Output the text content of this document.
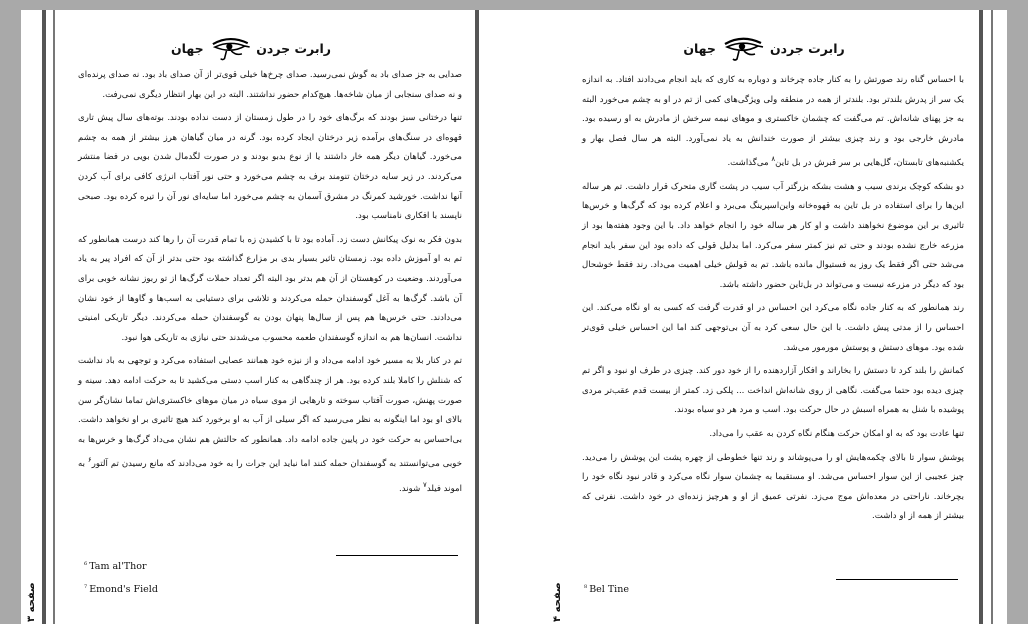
رابرت جردن
جهان

صدایی به جز صدای باد به گوش نمی‌رسید. صدای چرخ‌ها خیلی قوی‌تر از آن صدای باد بود. نه صدای پرنده‌ای و نه صدای سنجابی از میان شاخه‌ها. هیچ‌کدام حضور نداشتند. البته در این بهار انتظار دیگری نمی‌رفت.

تنها درختانی سبز بودند که برگ‌های خود را در طول زمستان از دست نداده بودند. بوته‌های سال پیش تاری قهوه‌ای در سنگ‌های برآمده زیر درختان ایجاد کرده بود. گرنه در میان گیاهان هرز بیشتر از همه به چشم می‌خورد. گیاهان دیگر همه خار داشتند یا از نوع بدبو بودند و در صورت لگدمال شدن بویی در فضا منتشر می‌کردند. در زیر سایه درختان تنومند برف به چشم می‌خورد و حتی نور آفتاب انرژی کافی برای آب کردن آنها نداشت. خورشید کمرنگ در مشرق آسمان به چشم می‌خورد اما سایه‌ای نور آن را تیره کرده بود. صبحی ناپسند با افکاری نامناسب بود.

بدون فکر به نوک پیکانش دست زد. آماده بود تا با کشیدن زه با تمام قدرت آن را رها کند درست همانطور که تم به او آموزش داده بود. زمستان تاثیر بسیار بدی بر مزارع گذاشته بود حتی بدتر از آن که افراد پیر به یاد می‌آوردند. وضعیت در کوهستان از آن هم بدتر بود البته اگر تعداد حملات گرگ‌ها از تو ربوز نشانه خوبی برای آن باشد. گرگ‌ها به آغل گوسفندان حمله می‌کردند و تلاشی برای دستیابی به اسب‌ها و گاوها از خود نشان می‌دادند. حتی خرس‌ها هم پس از سال‌ها پنهان بودن به گوسفندان حمله می‌کردند. دیگر تاریکی امنیتی نداشت. انسان‌ها هم به اندازه گوسفندان طعمه محسوب می‌شدند حتی نیازی به تاریکی هوا نبود.

تم در کنار بلا به مسیر خود ادامه می‌داد و از نیزه خود همانند عصایی استفاده می‌کرد و توجهی به باد نداشت که شنلش را کاملا بلند کرده بود. هر از چندگاهی به کنار اسب دستی می‌کشید تا به حرکت ادامه دهد. سینه و صورت پهنش، صورت آفتاب سوخته و تارهایی از موی سیاه در میان موهای خاکستری‌اش تماما نشان‌گر سن بالای او بود اما اینگونه به نظر می‌رسید که اگر سیلی از آب به او برخورد کند هیچ تاثیری بر او نخواهد داشت. بی‌احساس به حرکت خود در پایین جاده ادامه داد. همانطور که حالتش هم نشان می‌داد گرگ‌ها و خرس‌ها به خوبی می‌توانستند به گوسفندان حمله کنند اما نباید این جرات را به خود می‌دادند که مانع رسیدن تم آلتور$^۶$ به اموند فیلد$^۷$ شوند.

$^6$ Tam al'Thor
$^7$ Emond's Field
صفحه ۳
رابرت جردن
جهان

با احساس گناه رند صورتش را به کنار جاده چرخاند و دوباره به کاری که باید انجام می‌دادند افتاد. به اندازه یک سر از پدرش بلندتر بود. بلندتر از همه در منطقه ولی ویژگی‌های کمی از تم در او به چشم می‌خورد البته به جز پهنای شانه‌اش. تم می‌گفت که چشمان خاکستری و موهای نیمه سرخش از مادرش به او رسیده بود. مادرش خارجی بود و رند چیزی بیشتر از صورت خندانش به یاد نمی‌آورد. البته هر سال فصل بهار و یکشنبه‌های تابستان، گل‌هایی بر سر قبرش در بل تاین$^۸$ می‌گذاشت.

دو بشکه کوچک برندی سیب و هشت بشکه بزرگتر آب سیب در پشت گاری متحرک قرار داشت. تم هر ساله این‌ها را برای استفاده در بل تاین به قهوه‌خانه واین‌اسپرینگ می‌برد و اعلام کرده بود که گرگ‌ها و خرس‌ها تاثیری بر این موضوع نخواهند داشت و او کار هر ساله خود را انجام خواهد داد. با این وجود هفته‌ها بود از مزرعه خارج نشده بودند و حتی تم نیز کمتر سفر می‌کرد. اما بدلیل قولی که داده بود این سفر باید انجام می‌شد حتی اگر فقط یک روز به فستیوال مانده باشد. تم به قولش خیلی اهمیت می‌داد. رند فقط خوشحال بود که دیگر در مزرعه نیست و می‌تواند در بل‌تاین حضور داشته باشد.

رند همانطور که به کنار جاده نگاه می‌کرد این احساس در او قدرت گرفت که کسی به او نگاه می‌کند. این احساس را از مدتی پیش داشت. با این حال سعی کرد به آن بی‌توجهی کند اما این احساس خیلی قوی‌تر شده بود. موهای دستش و پوستش مورمور می‌شد.

کمانش را بلند کرد تا دستش را بخاراند و افکار آزاردهنده را از خود دور کند. چیزی در طرف او نبود و اگر تم چیزی دیده بود حتما می‌گفت. نگاهی از روی شانه‌اش انداخت ... پلکی زد. کمتر از بیست قدم عقب‌تر مردی پوشیده با شنل به همراه اسبش در حال حرکت بود. اسب و مرد هر دو سیاه بودند.

تنها عادت بود که به او امکان حرکت هنگام نگاه کردن به عقب را می‌داد.

پوشش سوار تا بالای چکمه‌هایش او را می‌پوشاند و رند تنها خطوطی از چهره پشت این پوشش را می‌دید. چیز عجیبی از این سوار احساس می‌شد. او مستقیما به چشمان سوار نگاه می‌کرد و قادر نبود نگاه خود را بچرخاند. ناراحتی در معده‌اش موج می‌زد. نفرتی عمیق از او و هرچیز زنده‌ای در خود داشت. نفرتی که بیشتر از همه از او داشت.

$^8$ Bel Tine
صفحه ۴
